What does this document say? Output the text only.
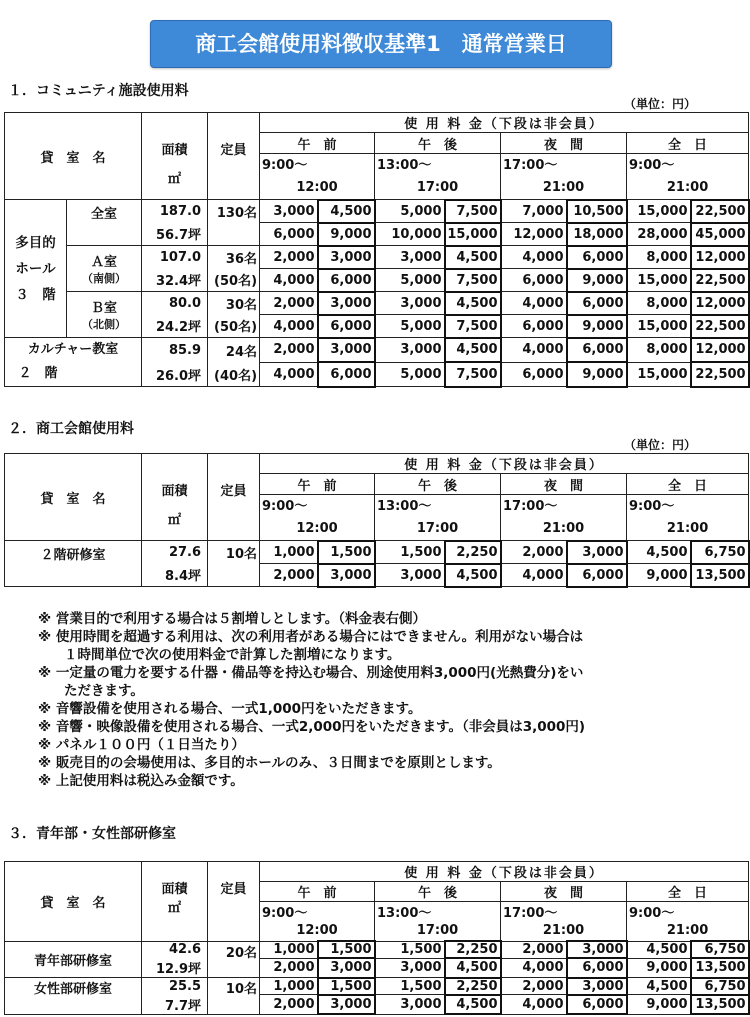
商工会館使用料徴収基準1　通常営業日
１．コミュニティ施設使用料
（単位：円）
貸　室　名		面積
㎡	定員	使 用 料 金（下段は非会員）							
				午　前		午　後		夜　間		全　日	
				9:00～		13:00～		17:00～		9:00～	
				12:00		17:00		21:00		21:00	
多目的
ホール
３　階	全室	187.0	130名	3,000	4,500	5,000	7,500	7,000	10,500	15,000	22,500
		56.7坪		6,000	9,000	10,000	15,000	12,000	18,000	28,000	45,000
	Ａ室
（南側）	107.0	36名	2,000	3,000	3,000	4,500	4,000	6,000	8,000	12,000
		32.4坪	(50名)	4,000	6,000	5,000	7,500	6,000	9,000	15,000	22,500
	Ｂ室
（北側）	80.0	30名	2,000	3,000	3,000	4,500	4,000	6,000	8,000	12,000
		24.2坪	(50名)	4,000	6,000	5,000	7,500	6,000	9,000	15,000	22,500
カルチャー教室
２　階		85.9	24名	2,000	3,000	3,000	4,500	4,000	6,000	8,000	12,000
		26.0坪	(40名)	4,000	6,000	5,000	7,500	6,000	9,000	15,000	22,500
２．商工会館使用料
（単位：円）
貸　室　名	面積
㎡	定員	使 用 料 金（下段は非会員）							
			午　前		午　後		夜　間		全　日	
			9:00～		13:00～		17:00～		9:00～	
			12:00		17:00		21:00		21:00	
２階研修室	27.6	10名	1,000	1,500	1,500	2,250	2,000	3,000	4,500	6,750
	8.4坪		2,000	3,000	3,000	4,500	4,000	6,000	9,000	13,500
※ 営業目的で利用する場合は５割増しとします。（料金表右側）
※ 使用時間を超過する利用は、次の利用者がある場合にはできません。利用がない場合は
１時間単位で次の使用料金で計算した割増になります。
※ 一定量の電力を要する什器・備品等を持込む場合、別途使用料3,000円(光熱費分)をい
ただきます。
※ 音響設備を使用される場合、一式1,000円をいただきます。
※ 音響・映像設備を使用される場合、一式2,000円をいただきます。（非会員は3,000円)
※ パネル１００円（１日当たり）
※ 販売目的の会場使用は、多目的ホールのみ、３日間までを原則とします。
※ 上記使用料は税込み金額です。
３．青年部・女性部研修室
貸　室　名	面積
㎡	定員	使 用 料 金（下段は非会員）							
			午　前		午　後		夜　間		全　日	
			9:00～		13:00～		17:00～		9:00～	
			12:00		17:00		21:00		21:00	
青年部研修室	42.6	20名	1,000	1,500	1,500	2,250	2,000	3,000	4,500	6,750
	12.9坪		2,000	3,000	3,000	4,500	4,000	6,000	9,000	13,500
女性部研修室	25.5	10名	1,000	1,500	1,500	2,250	2,000	3,000	4,500	6,750
	7.7坪		2,000	3,000	3,000	4,500	4,000	6,000	9,000	13,500
